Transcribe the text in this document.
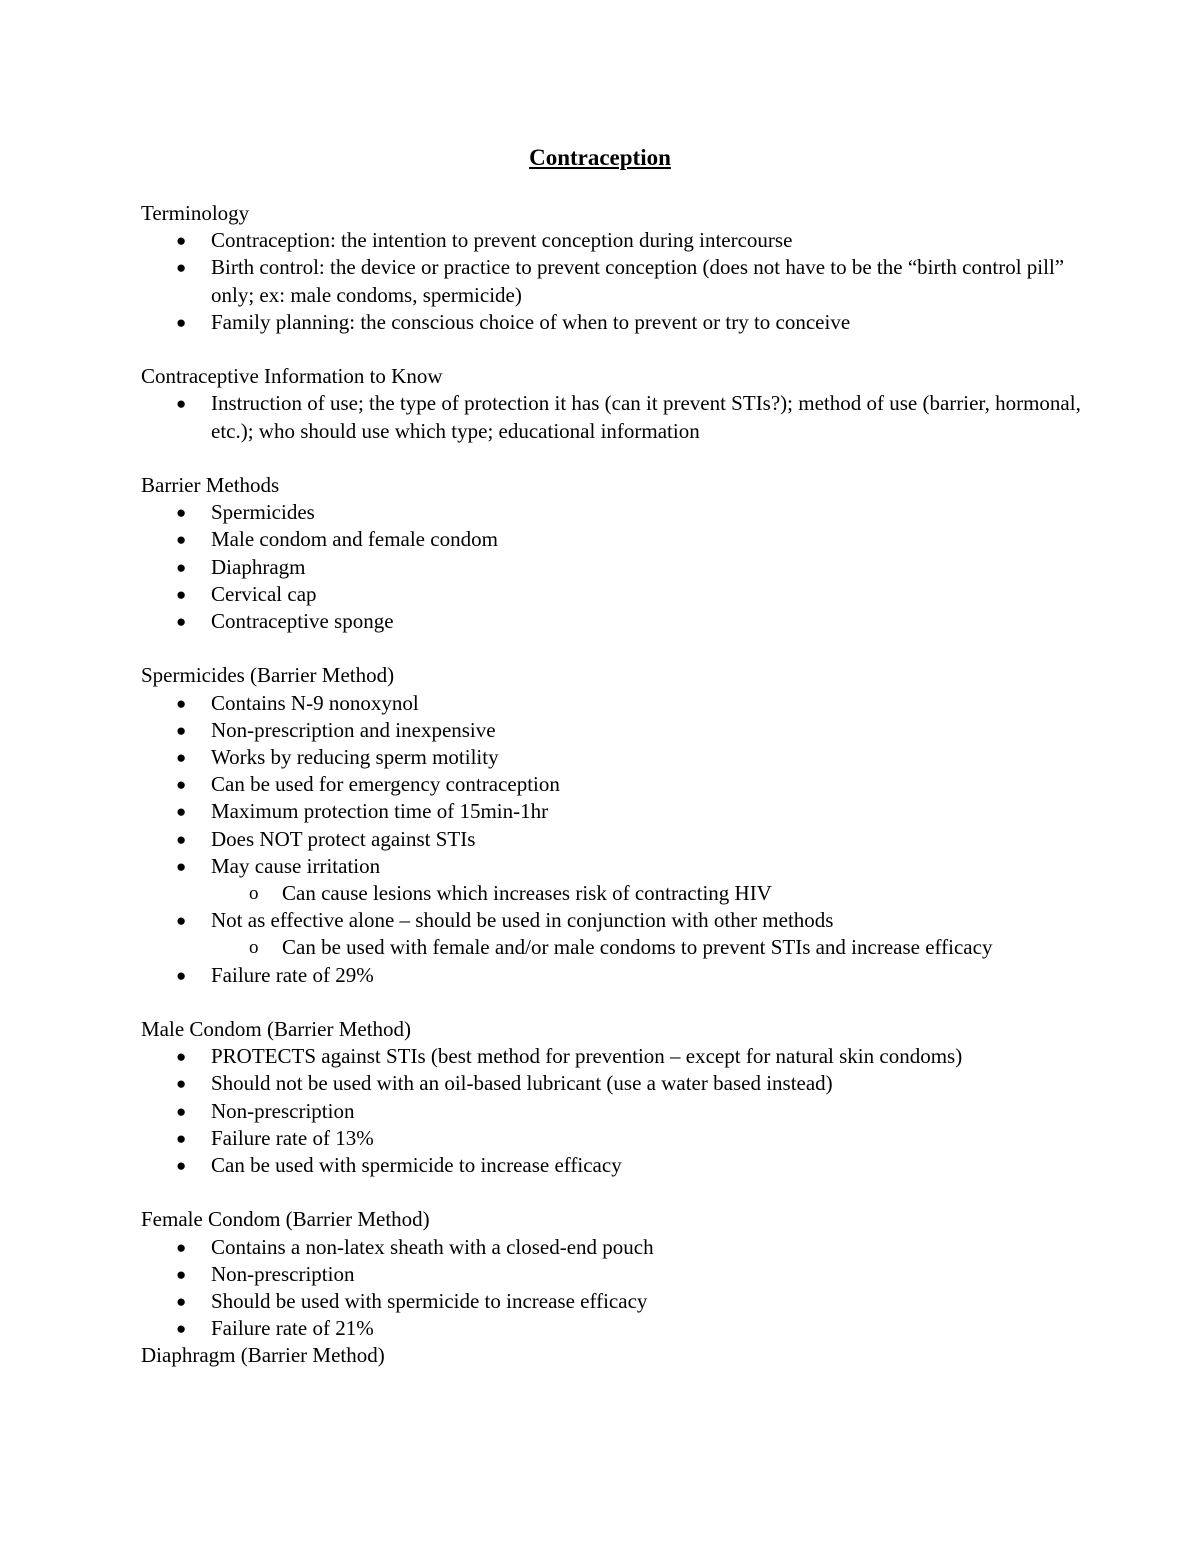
Contraception
Terminology
●	Contraception: the intention to prevent conception during intercourse
●	Birth control: the device or practice to prevent conception (does not have to be the “birth control pill” only; ex: male condoms, spermicide)
●	Family planning: the conscious choice of when to prevent or try to conceive
Contraceptive Information to Know
●	Instruction of use; the type of protection it has (can it prevent STIs?); method of use (barrier, hormonal, etc.); who should use which type; educational information
Barrier Methods
●	Spermicides
●	Male condom and female condom
●	Diaphragm
●	Cervical cap
●	Contraceptive sponge
Spermicides (Barrier Method)
●	Contains N-9 nonoxynol
●	Non-prescription and inexpensive
●	Works by reducing sperm motility
●	Can be used for emergency contraception
●	Maximum protection time of 15min-1hr
●	Does NOT protect against STIs
●	May cause irritation
o	Can cause lesions which increases risk of contracting HIV
●	Not as effective alone – should be used in conjunction with other methods
o	Can be used with female and/or male condoms to prevent STIs and increase efficacy
●	Failure rate of 29%
Male Condom (Barrier Method)
●	PROTECTS against STIs (best method for prevention – except for natural skin condoms)
●	Should not be used with an oil-based lubricant (use a water based instead)
●	Non-prescription
●	Failure rate of 13%
●	Can be used with spermicide to increase efficacy
Female Condom (Barrier Method)
●	Contains a non-latex sheath with a closed-end pouch
●	Non-prescription
●	Should be used with spermicide to increase efficacy
●	Failure rate of 21%
Diaphragm (Barrier Method)
